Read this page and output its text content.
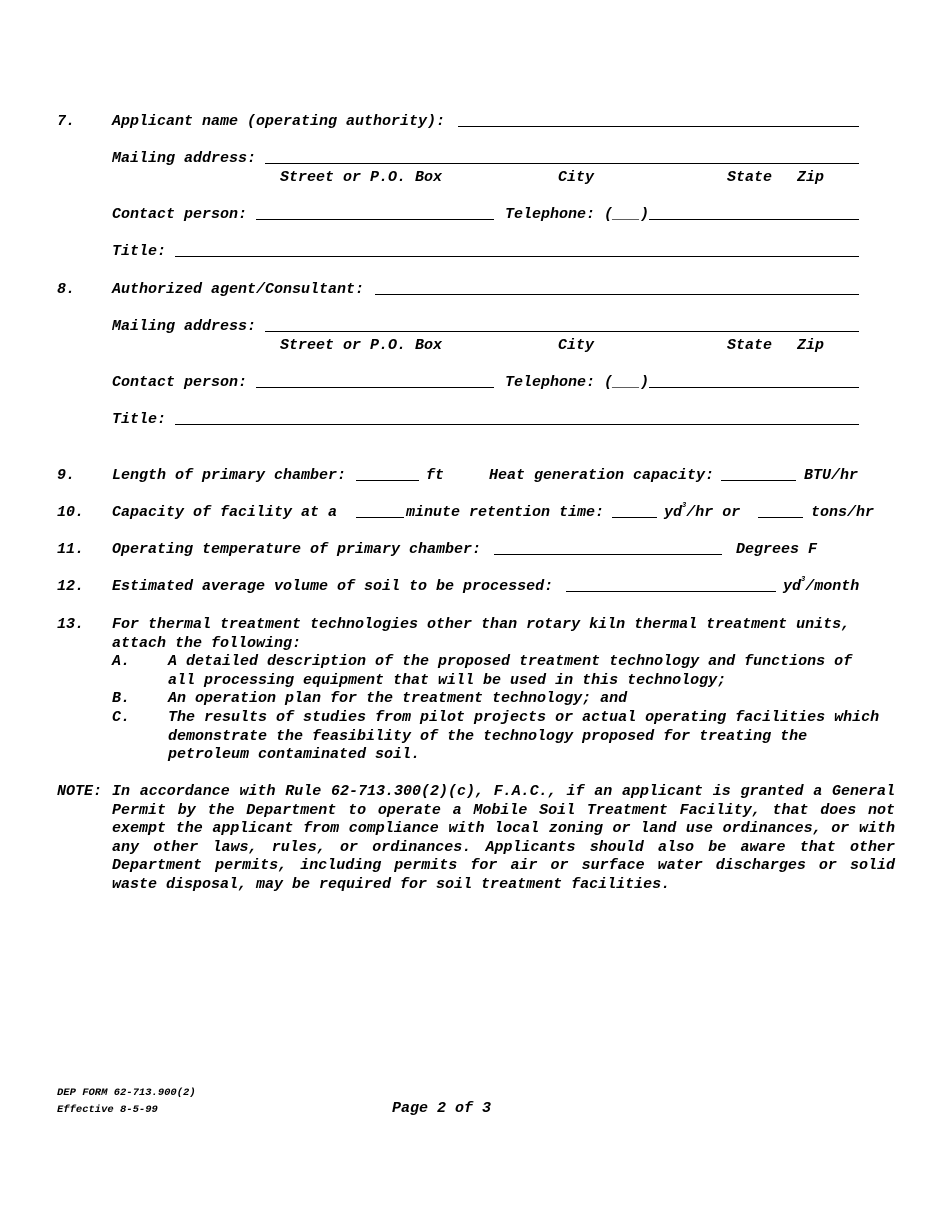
7. Applicant name (operating authority):
Mailing address:
Street or P.O. Box	City	State Zip
Contact person:	Telephone: (___)
Title:
8. Authorized agent/Consultant:
Mailing address:
Street or P.O. Box	City	State Zip
Contact person:	Telephone: (___)
Title:
9. Length of primary chamber:	ft	Heat generation capacity:	BTU/hr
10. Capacity of facility at a	minute retention time:	$yd^3/hr$ or	tons/hr
11. Operating temperature of primary chamber:	Degrees F
12. Estimated average volume of soil to be processed:	$yd^3$/month
13. For thermal treatment technologies other than rotary kiln thermal treatment units, attach the following:
A.	A detailed description of the proposed treatment technology and functions of all processing equipment that will be used in this technology;
B.	An operation plan for the treatment technology; and
C.	The results of studies from pilot projects or actual operating facilities which demonstrate the feasibility of the technology proposed for treating the petroleum contaminated soil.
NOTE: In accordance with Rule 62-713.300(2)(c), F.A.C., if an applicant is granted a General Permit by the Department to operate a Mobile Soil Treatment Facility, that does not exempt the applicant from compliance with local zoning or land use ordinances, or with any other laws, rules, or ordinances. Applicants should also be aware that other Department permits, including permits for air or surface water discharges or solid waste disposal, may be required for soil treatment facilities.
DEP FORM 62-713.900(2)
Effective 8-5-99	Page 2 of 3
